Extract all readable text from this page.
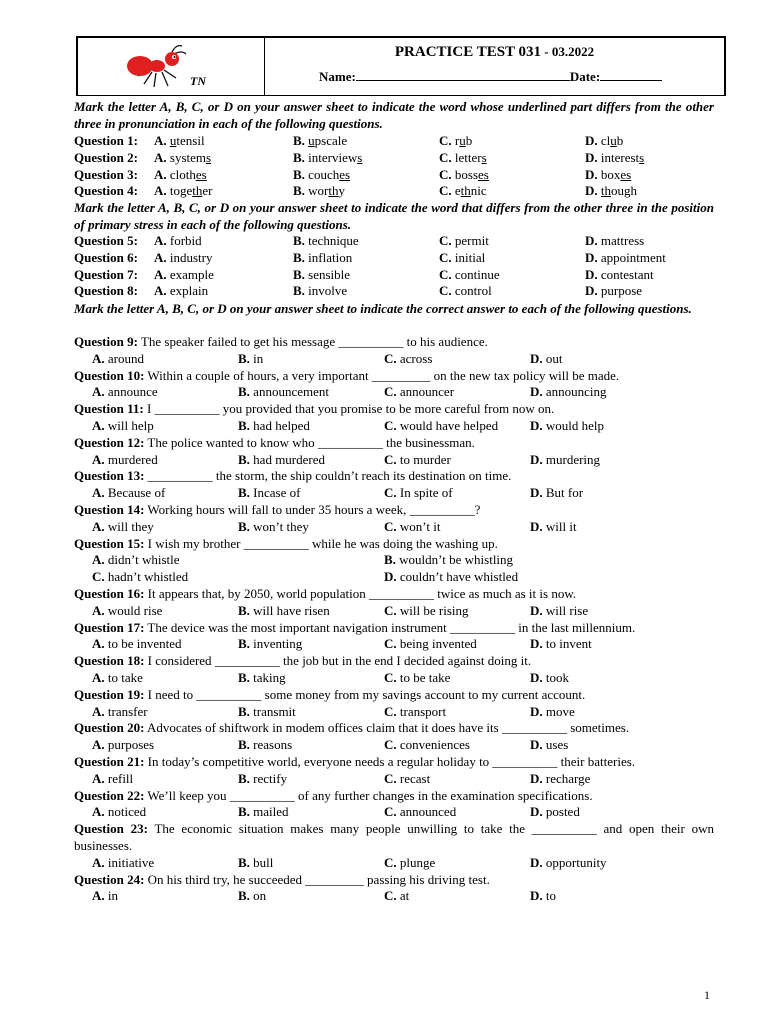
TN
PRACTICE TEST 031 - 03.2022
Name:	Date:
Mark the letter A, B, C, or D on your answer sheet to indicate the word whose underlined part differs from the other three in pronunciation in each of the following questions.
Question 1: A. utensil	B. upscale	C. rub	D. club
Question 2: A. systems	B. interviews	C. letters	D. interests
Question 3: A. clothes	B. couches	C. bosses	D. boxes
Question 4: A. together	B. worthy	C. ethnic	D. though
Mark the letter A, B, C, or D on your answer sheet to indicate the word that differs from the other three in the position of primary stress in each of the following questions.
Question 5: A. forbid	B. technique	C. permit	D. mattress
Question 6: A. industry	B. inflation	C. initial	D. appointment
Question 7: A. example	B. sensible	C. continue	D. contestant
Question 8: A. explain	B. involve	C. control	D. purpose
Mark the letter A, B, C, or D on your answer sheet to indicate the correct answer to each of the following questions.
Question 9: The speaker failed to get his message __________ to his audience.
A. around	B. in	C. across	D. out
Question 10: Within a couple of hours, a very important _________ on the new tax policy will be made.
A. announce	B. announcement	C. announcer	D. announcing
Question 11: I __________ you provided that you promise to be more careful from now on.
A. will help	B. had helped	C. would have helped D. would help
Question 12: The police wanted to know who __________ the businessman.
A. murdered	B. had murdered	C. to murder	D. murdering
Question 13: __________ the storm, the ship couldn’t reach its destination on time.
A. Because of	B. Incase of	C. In spite of	D. But for
Question 14: Working hours will fall to under 35 hours a week, __________?
A. will they	B. won’t they	C. won’t it	D. will it
Question 15: I wish my brother __________ while he was doing the washing up.
A. didn’t whistle	B. wouldn’t be whistling
C. hadn’t whistled	D. couldn’t have whistled
Question 16: It appears that, by 2050, world population __________ twice as much as it is now.
A. would rise	B. will have risen	C. will be rising	D. will rise
Question 17: The device was the most important navigation instrument __________ in the last millennium.
A. to be invented	B. inventing	C. being invented	D. to invent
Question 18: I considered __________ the job but in the end I decided against doing it.
A. to take	B. taking	C. to be take	D. took
Question 19: I need to __________ some money from my savings account to my current account.
A. transfer	B. transmit	C. transport	D. move
Question 20: Advocates of shiftwork in modem offices claim that it does have its __________ sometimes.
A. purposes	B. reasons	C. conveniences	D. uses
Question 21: In today’s competitive world, everyone needs a regular holiday to __________ their batteries.
A. refill	B. rectify	C. recast	D. recharge
Question 22: We’ll keep you __________ of any further changes in the examination specifications.
A. noticed	B. mailed	C. announced	D. posted
Question 23: The economic situation makes many people unwilling to take the __________ and open their own businesses.
A. initiative	B. bull	C. plunge	D. opportunity
Question 24: On his third try, he succeeded _________ passing his driving test.
A. in	B. on	C. at	D. to
1
